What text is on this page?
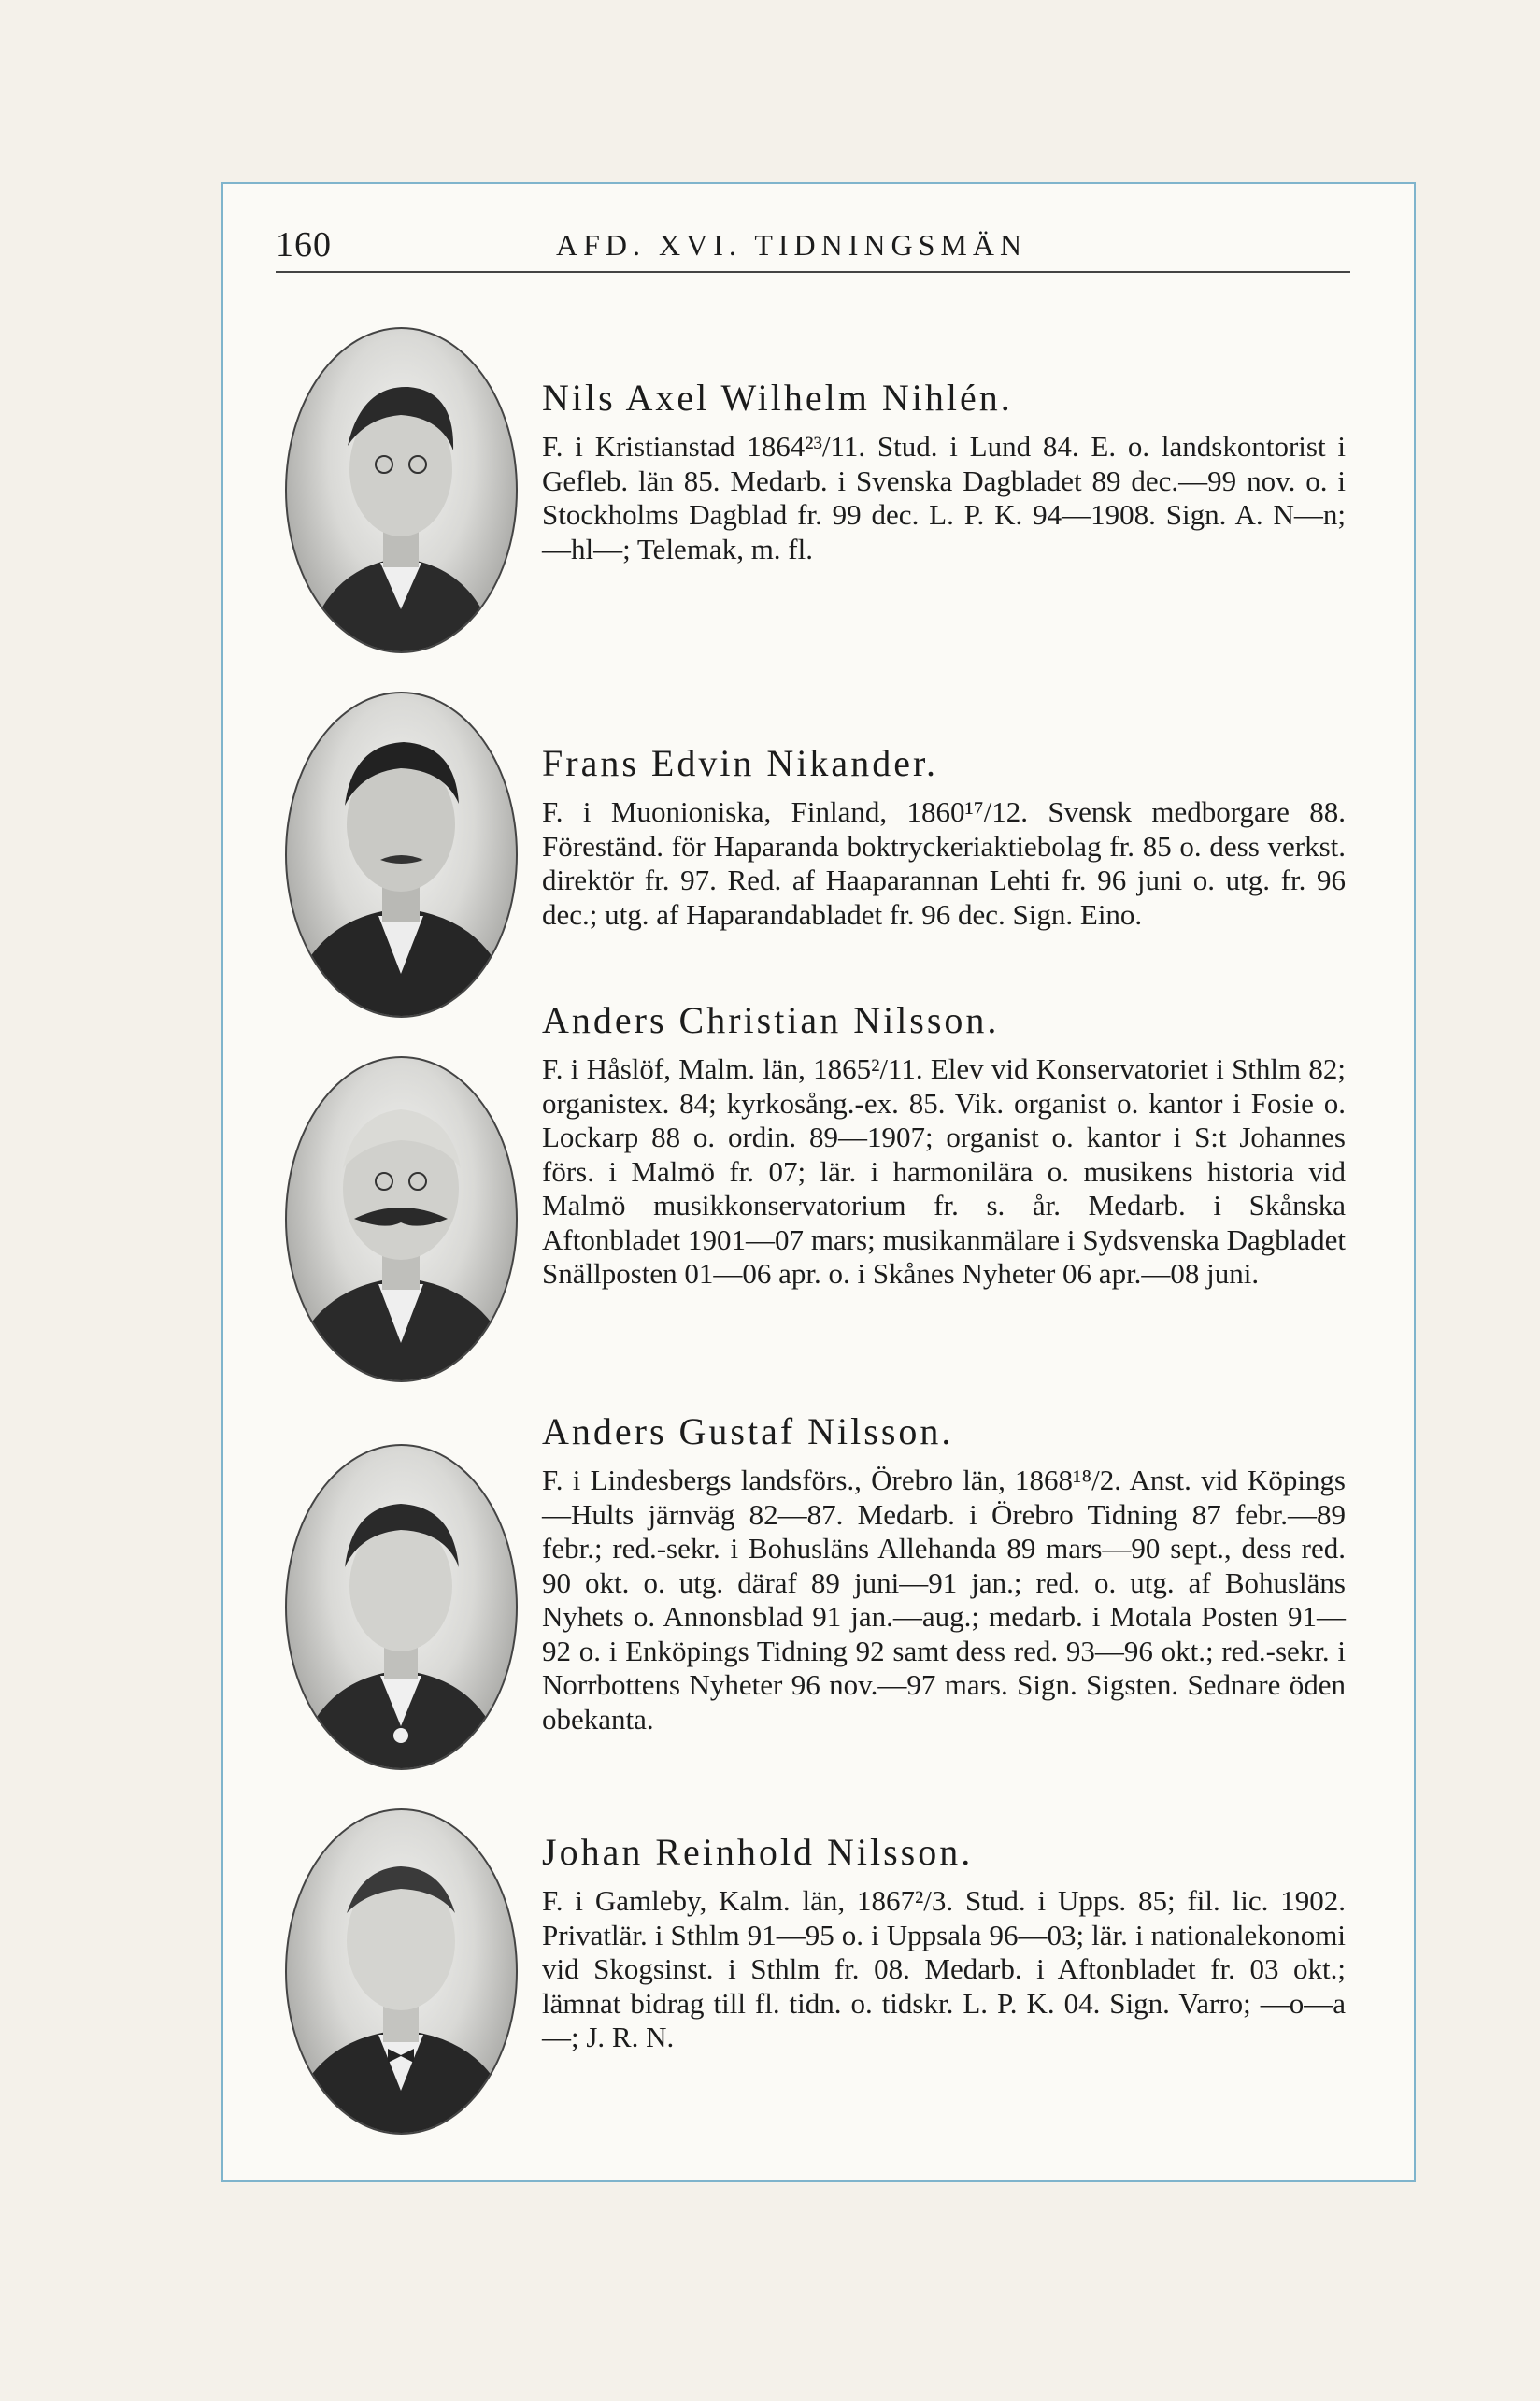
160	AFD. XVI. TIDNINGSMÄN
Nils Axel Wilhelm Nihlén.
F. i Kristianstad 1864²³/11. Stud. i Lund 84. E. o. landskontorist i Gefleb. län 85. Medarb. i Svenska Dagbladet 89 dec.—99 nov. o. i Stockholms Dagblad fr. 99 dec. L. P. K. 94—1908. Sign. A. N—n; —hl—; Telemak, m. fl.
Frans Edvin Nikander.
F. i Muonioniska, Finland, 1860¹⁷/12. Svensk medborgare 88. Föreständ. för Haparanda boktryckeriaktiebolag fr. 85 o. dess verkst. direktör fr. 97. Red. af Haaparannan Lehti fr. 96 juni o. utg. fr. 96 dec.; utg. af Haparandabladet fr. 96 dec. Sign. Eino.
Anders Christian Nilsson.
F. i Håslöf, Malm. län, 1865²/11. Elev vid Konservatoriet i Sthlm 82; organistex. 84; kyrkosång.-ex. 85. Vik. organist o. kantor i Fosie o. Lockarp 88 o. ordin. 89—1907; organist o. kantor i S:t Johannes förs. i Malmö fr. 07; lär. i harmonilära o. musikens historia vid Malmö musikkonservatorium fr. s. år. Medarb. i Skånska Aftonbladet 1901—07 mars; musikanmälare i Sydsvenska Dagbladet Snällposten 01—06 apr. o. i Skånes Nyheter 06 apr.—08 juni.
Anders Gustaf Nilsson.
F. i Lindesbergs landsförs., Örebro län, 1868¹⁸/2. Anst. vid Köpings—Hults järnväg 82—87. Medarb. i Örebro Tidning 87 febr.—89 febr.; red.-sekr. i Bohusläns Allehanda 89 mars—90 sept., dess red. 90 okt. o. utg. däraf 89 juni—91 jan.; red. o. utg. af Bohusläns Nyhets o. Annonsblad 91 jan.—aug.; medarb. i Motala Posten 91—92 o. i Enköpings Tidning 92 samt dess red. 93—96 okt.; red.-sekr. i Norrbottens Nyheter 96 nov.—97 mars. Sign. Sigsten. Sednare öden obekanta.
Johan Reinhold Nilsson.
F. i Gamleby, Kalm. län, 1867²/3. Stud. i Upps. 85; fil. lic. 1902. Privatlär. i Sthlm 91—95 o. i Uppsala 96—03; lär. i nationalekonomi vid Skogsinst. i Sthlm fr. 08. Medarb. i Aftonbladet fr. 03 okt.; lämnat bidrag till fl. tidn. o. tidskr. L. P. K. 04. Sign. Varro; —o—a—; J. R. N.
